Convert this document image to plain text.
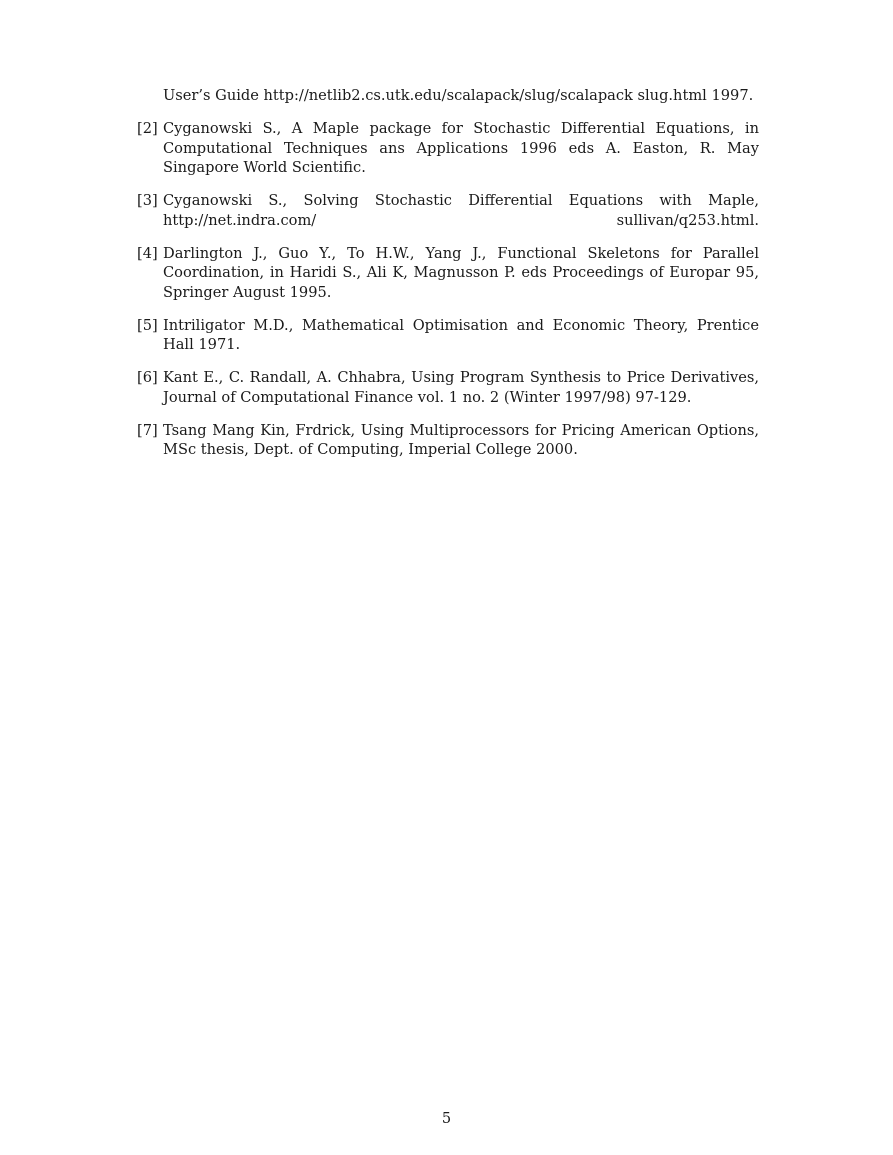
User’s Guide http://netlib2.cs.utk.edu/scalapack/slug/scalapack slug.html 1997.
[2] Cyganowski S., A Maple package for Stochastic Differential Equations, in Computational Techniques ans Applications 1996 eds A. Easton, R. May Singapore World Scientific.
[3] Cyganowski S., Solving Stochastic Differential Equations with Maple, http://net.indra.com/ sullivan/q253.html.
[4] Darlington J., Guo Y., To H.W., Yang J., Functional Skeletons for Parallel Coordination, in Haridi S., Ali K, Magnusson P. eds Proceedings of Europar 95, Springer August 1995.
[5] Intriligator M.D., Mathematical Optimisation and Economic Theory, Prentice Hall 1971.
[6] Kant E., C. Randall, A. Chhabra, Using Program Synthesis to Price Derivatives, Journal of Computational Finance vol. 1 no. 2 (Winter 1997/98) 97-129.
[7] Tsang Mang Kin, Frdrick, Using Multiprocessors for Pricing American Options, MSc thesis, Dept. of Computing, Imperial College 2000.
5
